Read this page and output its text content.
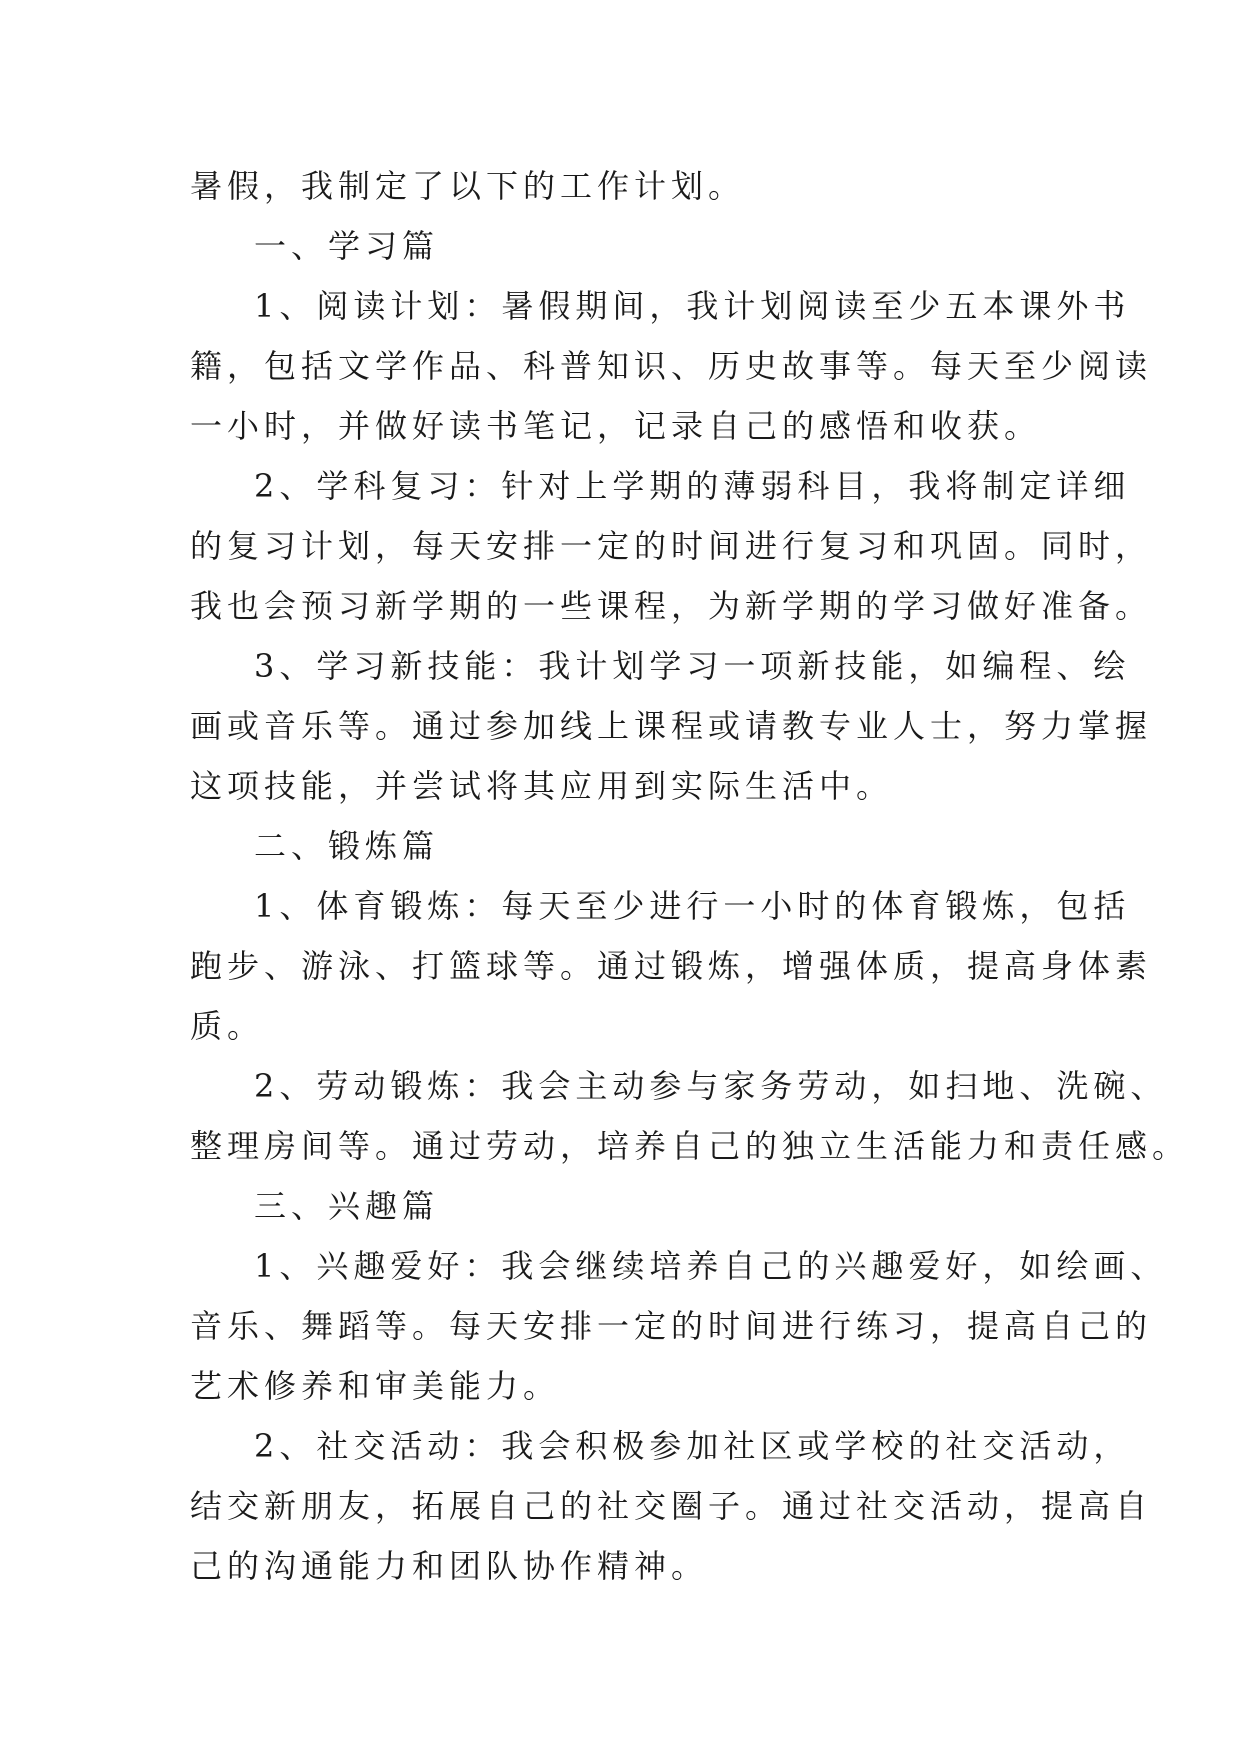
暑假，我制定了以下的工作计划。
一、学习篇
1、阅读计划：暑假期间，我计划阅读至少五本课外书
籍，包括文学作品、科普知识、历史故事等。每天至少阅读
一小时，并做好读书笔记，记录自己的感悟和收获。
2、学科复习：针对上学期的薄弱科目，我将制定详细
的复习计划，每天安排一定的时间进行复习和巩固。同时，
我也会预习新学期的一些课程，为新学期的学习做好准备。
3、学习新技能：我计划学习一项新技能，如编程、绘
画或音乐等。通过参加线上课程或请教专业人士，努力掌握
这项技能，并尝试将其应用到实际生活中。
二、锻炼篇
1、体育锻炼：每天至少进行一小时的体育锻炼，包括
跑步、游泳、打篮球等。通过锻炼，增强体质，提高身体素
质。
2、劳动锻炼：我会主动参与家务劳动，如扫地、洗碗、
整理房间等。通过劳动，培养自己的独立生活能力和责任感。
三、兴趣篇
1、兴趣爱好：我会继续培养自己的兴趣爱好，如绘画、
音乐、舞蹈等。每天安排一定的时间进行练习，提高自己的
艺术修养和审美能力。
2、社交活动：我会积极参加社区或学校的社交活动，
结交新朋友，拓展自己的社交圈子。通过社交活动，提高自
己的沟通能力和团队协作精神。
